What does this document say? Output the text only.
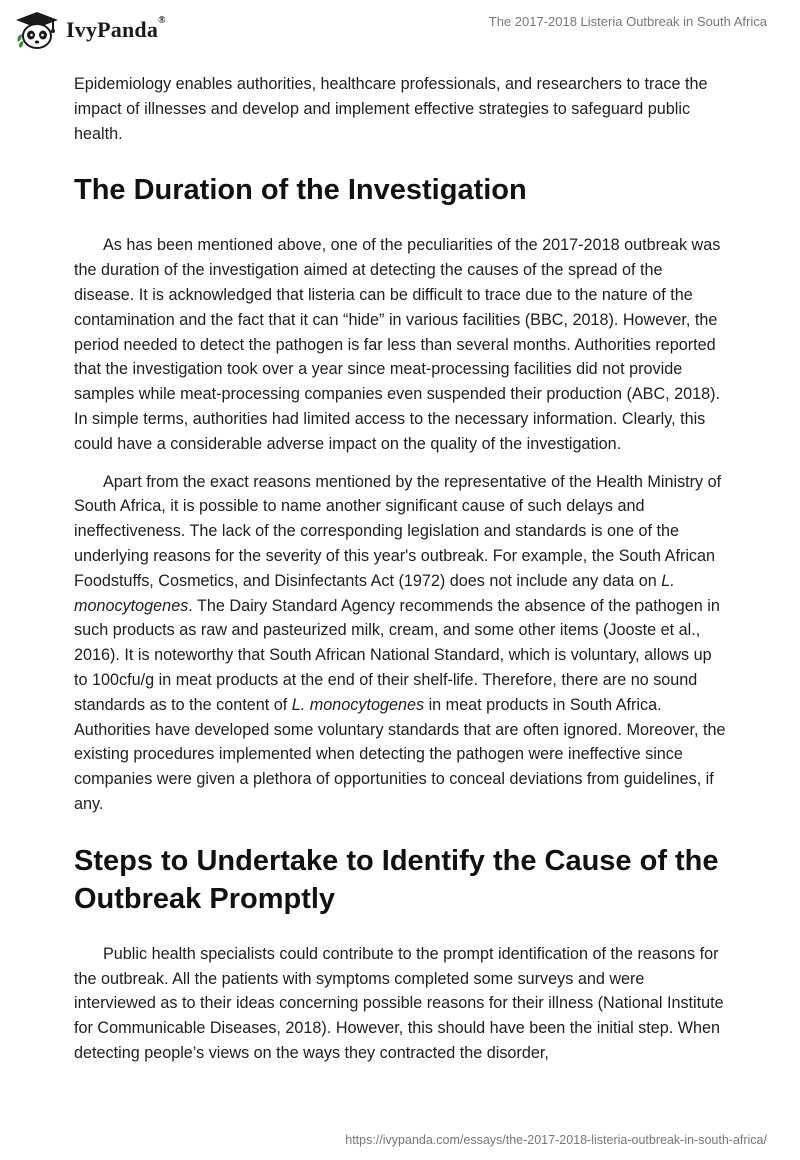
IvyPanda®	The 2017-2018 Listeria Outbreak in South Africa

Epidemiology enables authorities, healthcare professionals, and researchers to trace the impact of illnesses and develop and implement effective strategies to safeguard public health.

The Duration of the Investigation

As has been mentioned above, one of the peculiarities of the 2017-2018 outbreak was the duration of the investigation aimed at detecting the causes of the spread of the disease. It is acknowledged that listeria can be difficult to trace due to the nature of the contamination and the fact that it can “hide” in various facilities (BBC, 2018). However, the period needed to detect the pathogen is far less than several months. Authorities reported that the investigation took over a year since meat-processing facilities did not provide samples while meat-processing companies even suspended their production (ABC, 2018). In simple terms, authorities had limited access to the necessary information. Clearly, this could have a considerable adverse impact on the quality of the investigation.

Apart from the exact reasons mentioned by the representative of the Health Ministry of South Africa, it is possible to name another significant cause of such delays and ineffectiveness. The lack of the corresponding legislation and standards is one of the underlying reasons for the severity of this year's outbreak. For example, the South African Foodstuffs, Cosmetics, and Disinfectants Act (1972) does not include any data on L. monocytogenes. The Dairy Standard Agency recommends the absence of the pathogen in such products as raw and pasteurized milk, cream, and some other items (Jooste et al., 2016). It is noteworthy that South African National Standard, which is voluntary, allows up to 100cfu/g in meat products at the end of their shelf-life. Therefore, there are no sound standards as to the content of L. monocytogenes in meat products in South Africa. Authorities have developed some voluntary standards that are often ignored. Moreover, the existing procedures implemented when detecting the pathogen were ineffective since companies were given a plethora of opportunities to conceal deviations from guidelines, if any.

Steps to Undertake to Identify the Cause of the Outbreak Promptly

Public health specialists could contribute to the prompt identification of the reasons for the outbreak. All the patients with symptoms completed some surveys and were interviewed as to their ideas concerning possible reasons for their illness (National Institute for Communicable Diseases, 2018). However, this should have been the initial step. When detecting people’s views on the ways they contracted the disorder,

https://ivypanda.com/essays/the-2017-2018-listeria-outbreak-in-south-africa/
